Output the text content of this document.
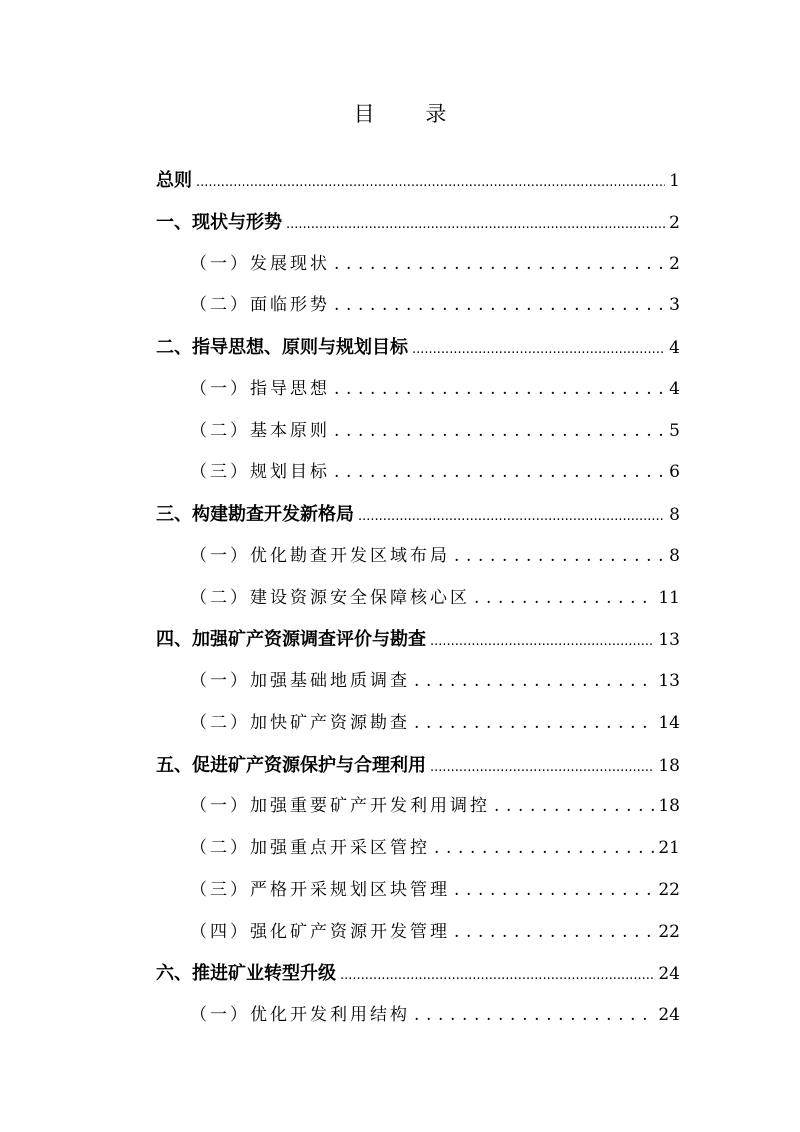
目 录
总则 .....	1
一、现状与形势 .....	2
（一）发展现状 . . .	2
（二）面临形势 . . .	3
二、指导思想、原则与规划目标 .....	4
（一）指导思想 . . .	4
（二）基本原则 . . .	5
（三）规划目标 . . .	6
三、构建勘查开发新格局 .....	8
（一）优化勘查开发区域布局 . . .	8
（二）建设资源安全保障核心区 . . .	11
四、加强矿产资源调查评价与勘查 .....	13
（一）加强基础地质调查 . . .	13
（二）加快矿产资源勘查 . . .	14
五、促进矿产资源保护与合理利用 .....	18
（一）加强重要矿产开发利用调控 . . .	18
（二）加强重点开采区管控 . . .	21
（三）严格开采规划区块管理 . . .	22
（四）强化矿产资源开发管理 . . .	22
六、推进矿业转型升级 .....	24
（一）优化开发利用结构 . . .	24
